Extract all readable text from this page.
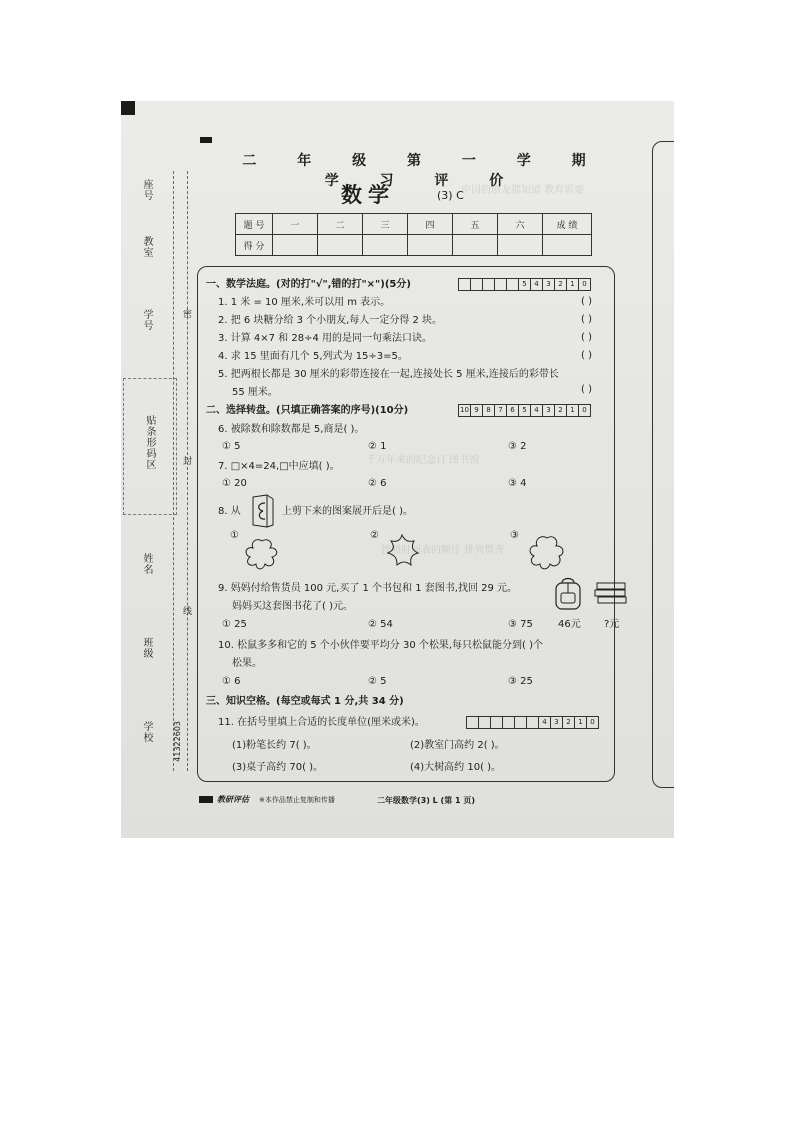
中国的朋友都知道 教育需要
千万年来的纪念日 图书馆
按照时间表的顺序 排列整齐
座号
教室
学号
贴条形码区
姓名
班级
学校
密
封
线
41322603
二 年 级 第 一 学 期 学 习 评 价
数学	(3) C
题 号	一	二	三	四	五	六	成 绩
得 分							
一、数学法庭。(对的打"√",错的打"×")(5分)	5	4	3	2	1	0
1. 1 米 = 10 厘米,米可以用 m 表示。	( )
2. 把 6 块糖分给 3 个小朋友,每人一定分得 2 块。	( )
3. 计算 4×7 和 28÷4 用的是同一句乘法口诀。	( )
4. 求 15 里面有几个 5,列式为 15÷3=5。	( )
5. 把两根长都是 30 厘米的彩带连接在一起,连接处长 5 厘米,连接后的彩带长
55 厘米。	( )
二、选择转盘。(只填正确答案的序号)(10分)	10 9	8	7	6	5	4	3	2	1	0
6. 被除数和除数都是 5,商是( )。
① 5	② 1	③ 2
7. □×4=24,□中应填( )。
① 20	② 6	③ 4
8. 从	上剪下来的图案展开后是( )。
①	②	③
9. 妈妈付给售货员 100 元,买了 1 个书包和 1 套图书,找回 29 元。
妈妈买这套图书花了( )元。
① 25	② 54	③ 75	46元 ?元
10. 松鼠多多和它的 5 个小伙伴要平均分 30 个松果,每只松鼠能分到( )个
松果。
① 6	② 5	③ 25
三、知识空格。(每空或每式 1 分,共 34 分)
11. 在括号里填上合适的长度单位(厘米或米)。	4	3	2	1	0
(1)粉笔长约 7( )。	(2)教室门高约 2( )。
(3)桌子高约 70( )。	(4)大树高约 10( )。
教研评估 ※本作品禁止复制和传播	二年级数学(3) L (第 1 页)
